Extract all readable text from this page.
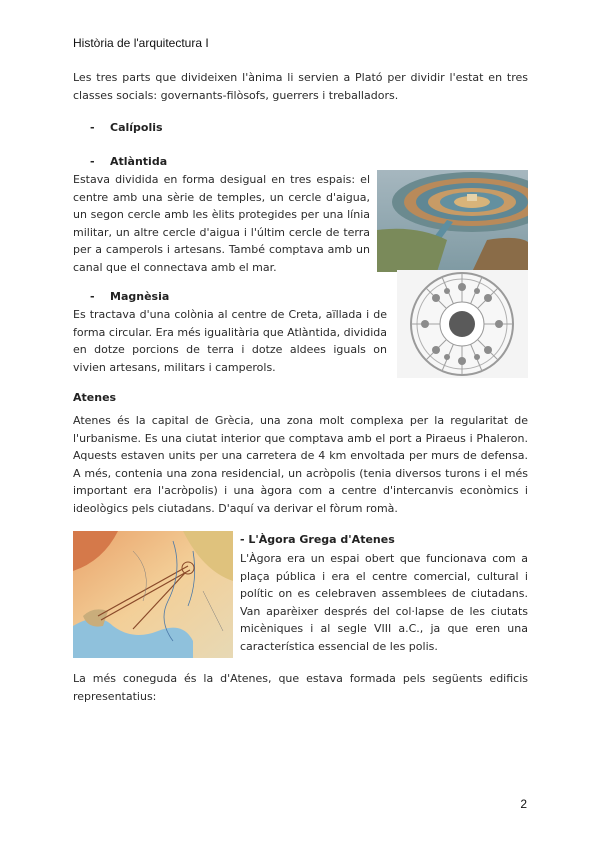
Història de l'arquitectura I
Les tres parts que divideixen l'ànima li servien a Plató per dividir l'estat en tres classes socials: governants-filòsofs, guerrers i treballadors.
- Calípolis
- Atlàntida
Estava dividida en forma desigual en tres espais: el centre amb una sèrie de temples, un cercle d'aigua, un segon cercle amb les èlits protegides per una línia militar, un altre cercle d'aigua i l'últim cercle de terra per a camperols i artesans. També comptava amb un canal que el connectava amb el mar.
- Magnèsia
Es tractava d'una colònia al centre de Creta, aïllada i de forma circular. Era més igualitària que Atlàntida, dividida en dotze porcions de terra i dotze aldees iguals on vivien artesans, militars i camperols.
Atenes
Atenes és la capital de Grècia, una zona molt complexa per la regularitat de l'urbanisme. Es una ciutat interior que comptava amb el port a Piraeus i Phaleron. Aquests estaven units per una carretera de 4 km envoltada per murs de defensa. A més, contenia una zona residencial, un acròpolis (tenia diversos turons i el més important era l'acròpolis) i una àgora com a centre d'intercanvis econòmics i ideològics pels ciutadans. D'aquí va derivar el fòrum romà.
- L'Àgora Grega d'Atenes
L'Àgora era un espai obert que funcionava com a plaça pública i era el centre comercial, cultural i polític on es celebraven assemblees de ciutadans. Van aparèixer després del col·lapse de les ciutats micèniques i al segle VIII a.C., ja que eren una característica essencial de les polis.
La més coneguda és la d'Atenes, que estava formada pels següents edificis representatius:
2
